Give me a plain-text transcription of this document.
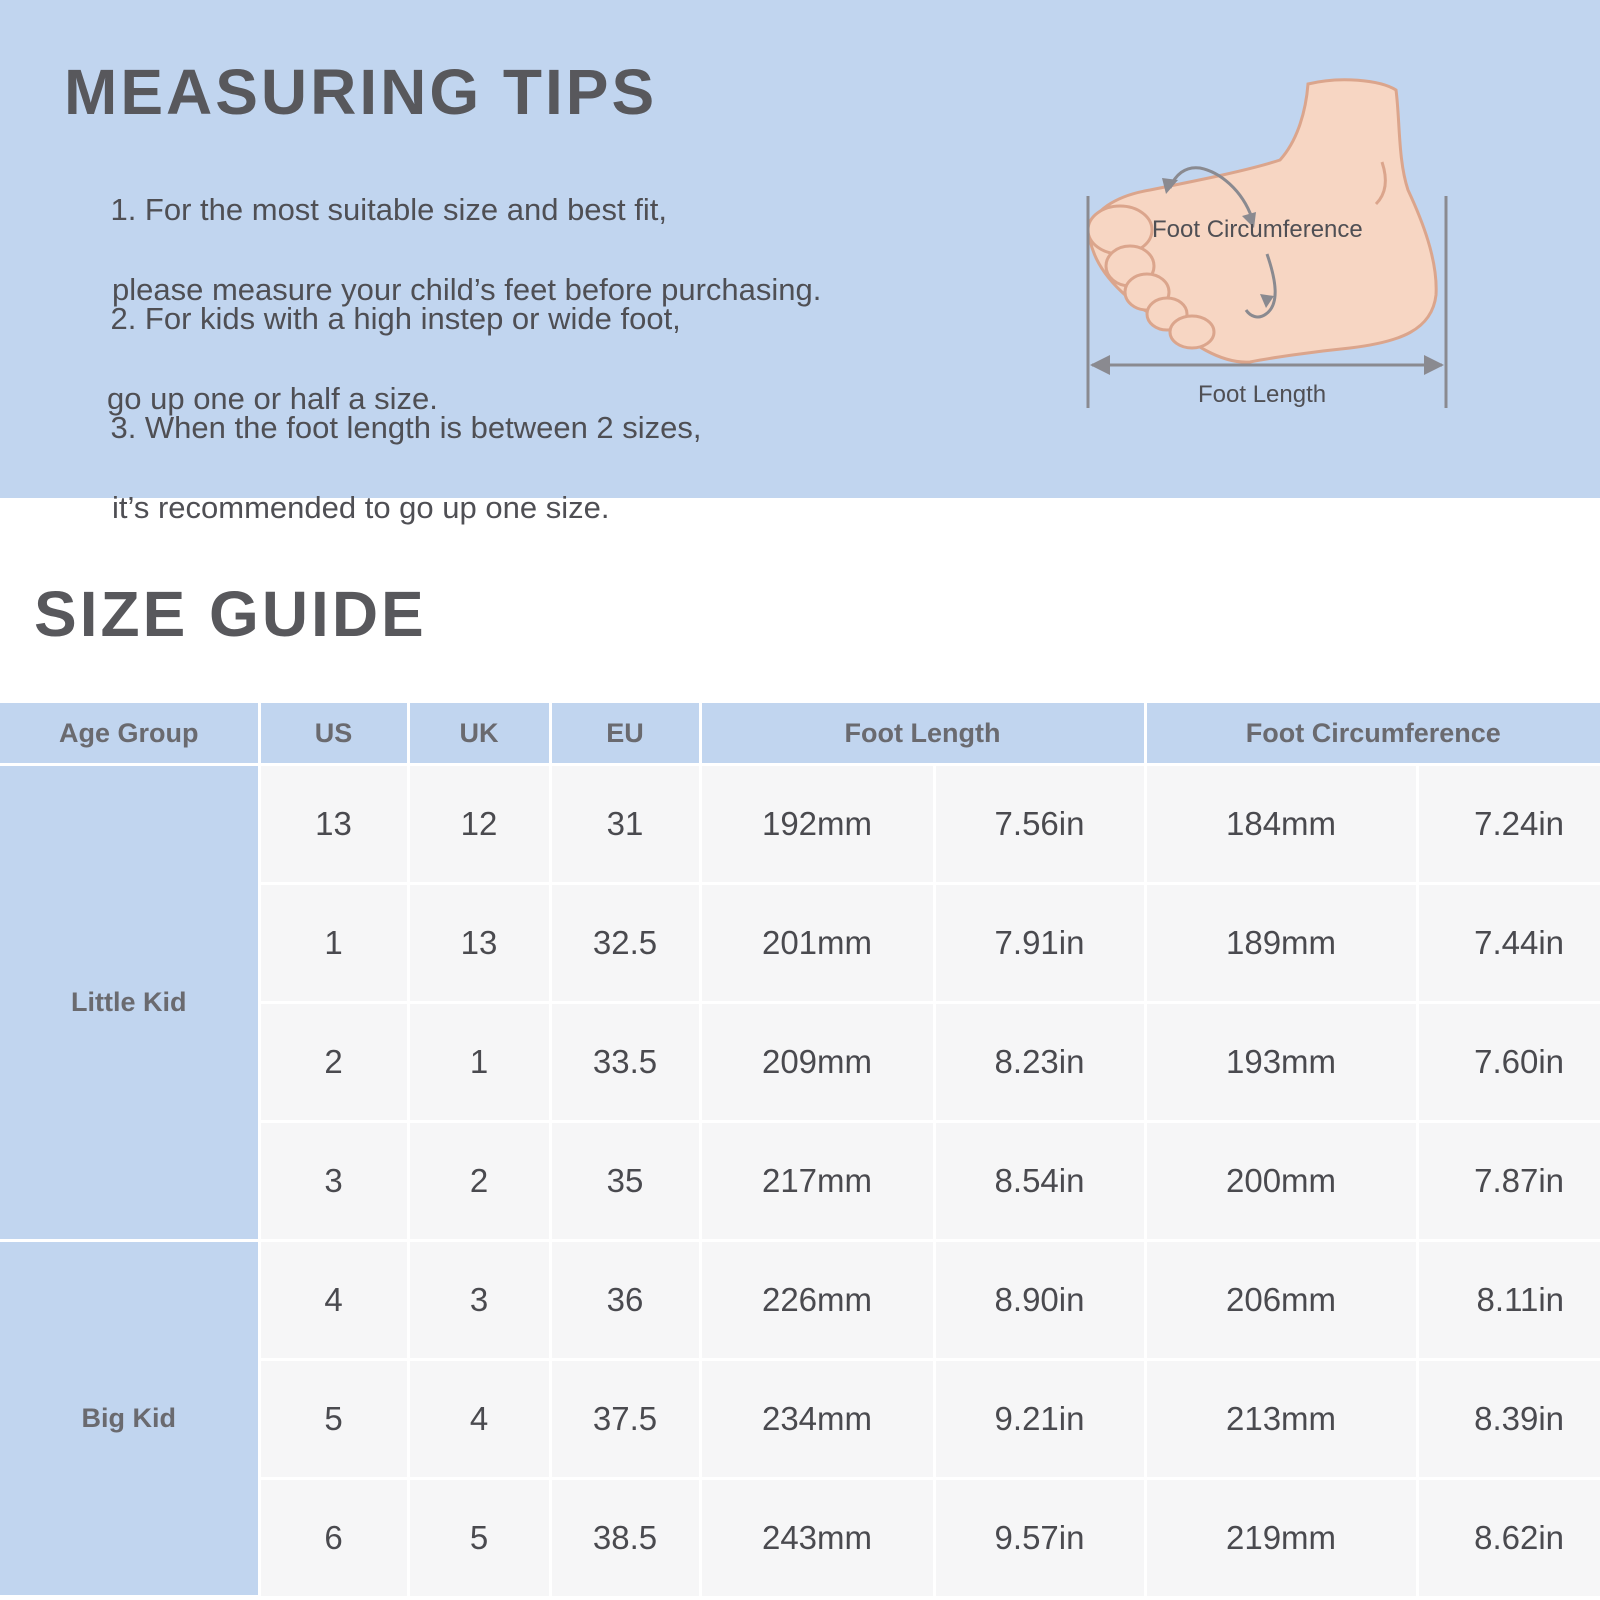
MEASURING TIPS

1. For the most suitable size and best fit,

please measure your child’s feet before purchasing.

2. For kids with a high instep or wide foot,

go up one or half a size.

3. When the foot length is between 2 sizes,

it’s recommended to go up one size.

Foot Circumference
Foot Length
SIZE GUIDE
Age Group	US	UK	EU	Foot Length		Foot Circumference	
Little Kid	13	12	31	192mm	7.56in	184mm	7.24in
	1	13	32.5	201mm	7.91in	189mm	7.44in
	2	1	33.5	209mm	8.23in	193mm	7.60in
	3	2	35	217mm	8.54in	200mm	7.87in
Big Kid	4	3	36	226mm	8.90in	206mm	8.11in
	5	4	37.5	234mm	9.21in	213mm	8.39in
	6	5	38.5	243mm	9.57in	219mm	8.62in
